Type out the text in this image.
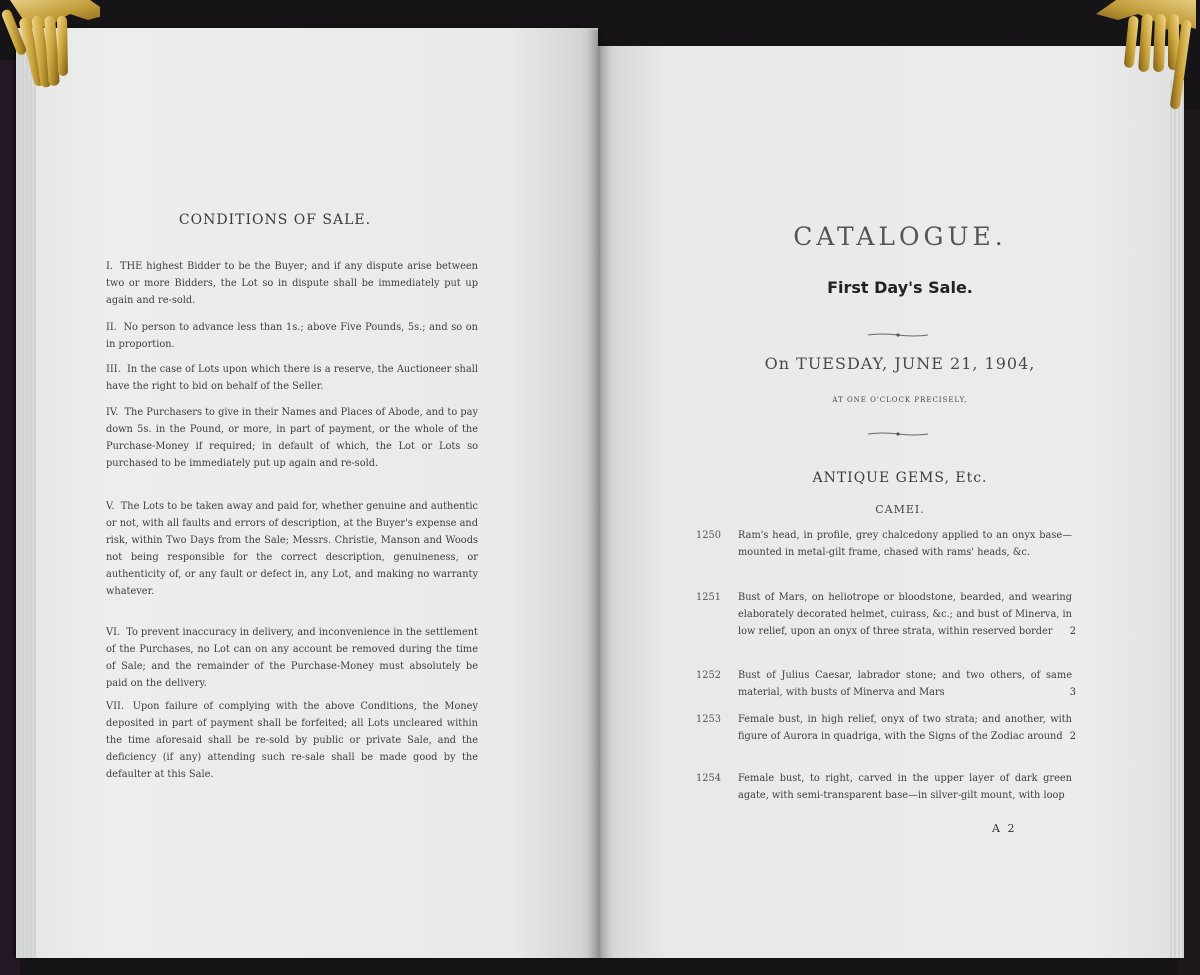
CONDITIONS OF SALE.

I. THE highest Bidder to be the Buyer; and if any dispute arise between two or more Bidders, the Lot so in dispute shall be immediately put up again and re-sold.

II. No person to advance less than 1s.; above Five Pounds, 5s.; and so on in proportion.

III. In the case of Lots upon which there is a reserve, the Auctioneer shall have the right to bid on behalf of the Seller.

IV. The Purchasers to give in their Names and Places of Abode, and to pay down 5s. in the Pound, or more, in part of payment, or the whole of the Purchase-Money if required; in default of which, the Lot or Lots so purchased to be immediately put up again and re-sold.

V. The Lots to be taken away and paid for, whether genuine and authentic or not, with all faults and errors of description, at the Buyer's expense and risk, within Two Days from the Sale; Messrs. Christie, Manson and Woods not being responsible for the correct description, genuineness, or authenticity of, or any fault or defect in, any Lot, and making no warranty whatever.

VI. To prevent inaccuracy in delivery, and inconvenience in the settlement of the Purchases, no Lot can on any account be removed during the time of Sale; and the remainder of the Purchase-Money must absolutely be paid on the delivery.

VII. Upon failure of complying with the above Conditions, the Money deposited in part of payment shall be forfeited; all Lots uncleared within the time aforesaid shall be re-sold by public or private Sale, and the deficiency (if any) attending such re-sale shall be made good by the defaulter at this Sale.

CATALOGUE.

First Day's Sale.

On TUESDAY, JUNE 21, 1904,

AT ONE O'CLOCK PRECISELY,

ANTIQUE GEMS, Etc.

CAMEI.

1250	Ram's head, in profile, grey chalcedony applied to an onyx base—mounted in metal-gilt frame, chased with rams' heads, &c.
1251	Bust of Mars, on heliotrope or bloodstone, bearded, and wearing elaborately decorated helmet, cuirass, &c.; and bust of Minerva, in low relief, upon an onyx of three strata, within reserved border	2
1252	Bust of Julius Caesar, labrador stone; and two others, of same material, with busts of Minerva and Mars	3
1253	Female bust, in high relief, onyx of two strata; and another, with figure of Aurora in quadriga, with the Signs of the Zodiac around 2
1254	Female bust, to right, carved in the upper layer of dark green agate, with semi-transparent base—in silver-gilt mount, with loop

A 2
